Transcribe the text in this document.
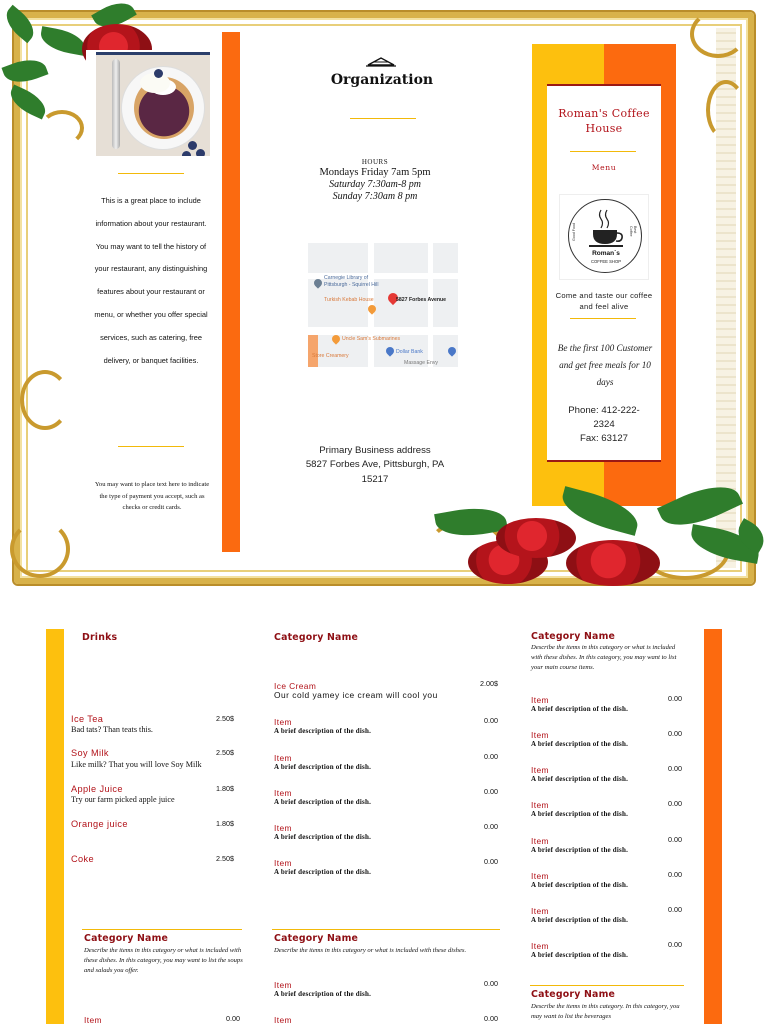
This is a great place to include information about your restaurant. You may want to tell the history of your restaurant, any distinguishing features about your restaurant or menu, or whether you offer special services, such as catering, free delivery, or banquet facilities.
You may want to place text here to indicate the type of payment you accept, such as checks or credit cards.
Organization
HOURS
Mondays Friday 7am 5pm
Saturday 7:30am-8 pm
Sunday 7:30am 8 pm
Carnegie Library of Pittsburgh - Squirrel Hill
Turkish Kebab House	5827 Forbes Avenue
Uncle Sam's Submarines
Store Creamery
Dollar Bank
Massage Envy
Primary Business address
5827 Forbes Ave, Pittsburgh, PA
15217
Roman's Coffee
House
Menu
Roman`s
COFFEE SHOP
Good Food	Best Coffee
Come and taste our coffee and feel alive
Be the first 100 Customer and get free meals for 10 days
Phone: 412-222-
2324
Fax: 63127
Drinks
Ice Tea	2.50$
Bad tats? Than teats this.
Soy Milk	2.50$
Like milk? That you will love Soy Milk
Apple Juice	1.80$
Try our farm picked apple juice
Orange juice	1.80$
Coke	2.50$
Category Name
Describe the items in this category or what is included with these dishes. In this category, you may want to list the soups and salads you offer.
Item	0.00
Category Name
Ice Cream	2.00$
Our cold yamey ice cream will cool you
Item	0.00
A brief description of the dish.
Item	0.00
A brief description of the dish.
Item	0.00
A brief description of the dish.
Item	0.00
A brief description of the dish.
Item	0.00
A brief description of the dish.
Category Name
Describe the items in this category or what is included with these dishes.
Item	0.00
A brief description of the dish.
Item	0.00
Category Name
Describe the items in this category or what is included with these dishes. In this category, you may want to list your main course items.
Item	0.00
A brief description of the dish.
Item	0.00
A brief description of the dish.
Item	0.00
A brief description of the dish.
Item	0.00
A brief description of the dish.
Item	0.00
A brief description of the dish.
Item	0.00
A brief description of the dish.
Item	0.00
A brief description of the dish.
Item	0.00
A brief description of the dish.
Category Name
Describe the items in this category. In this category, you may want to list the beverages
